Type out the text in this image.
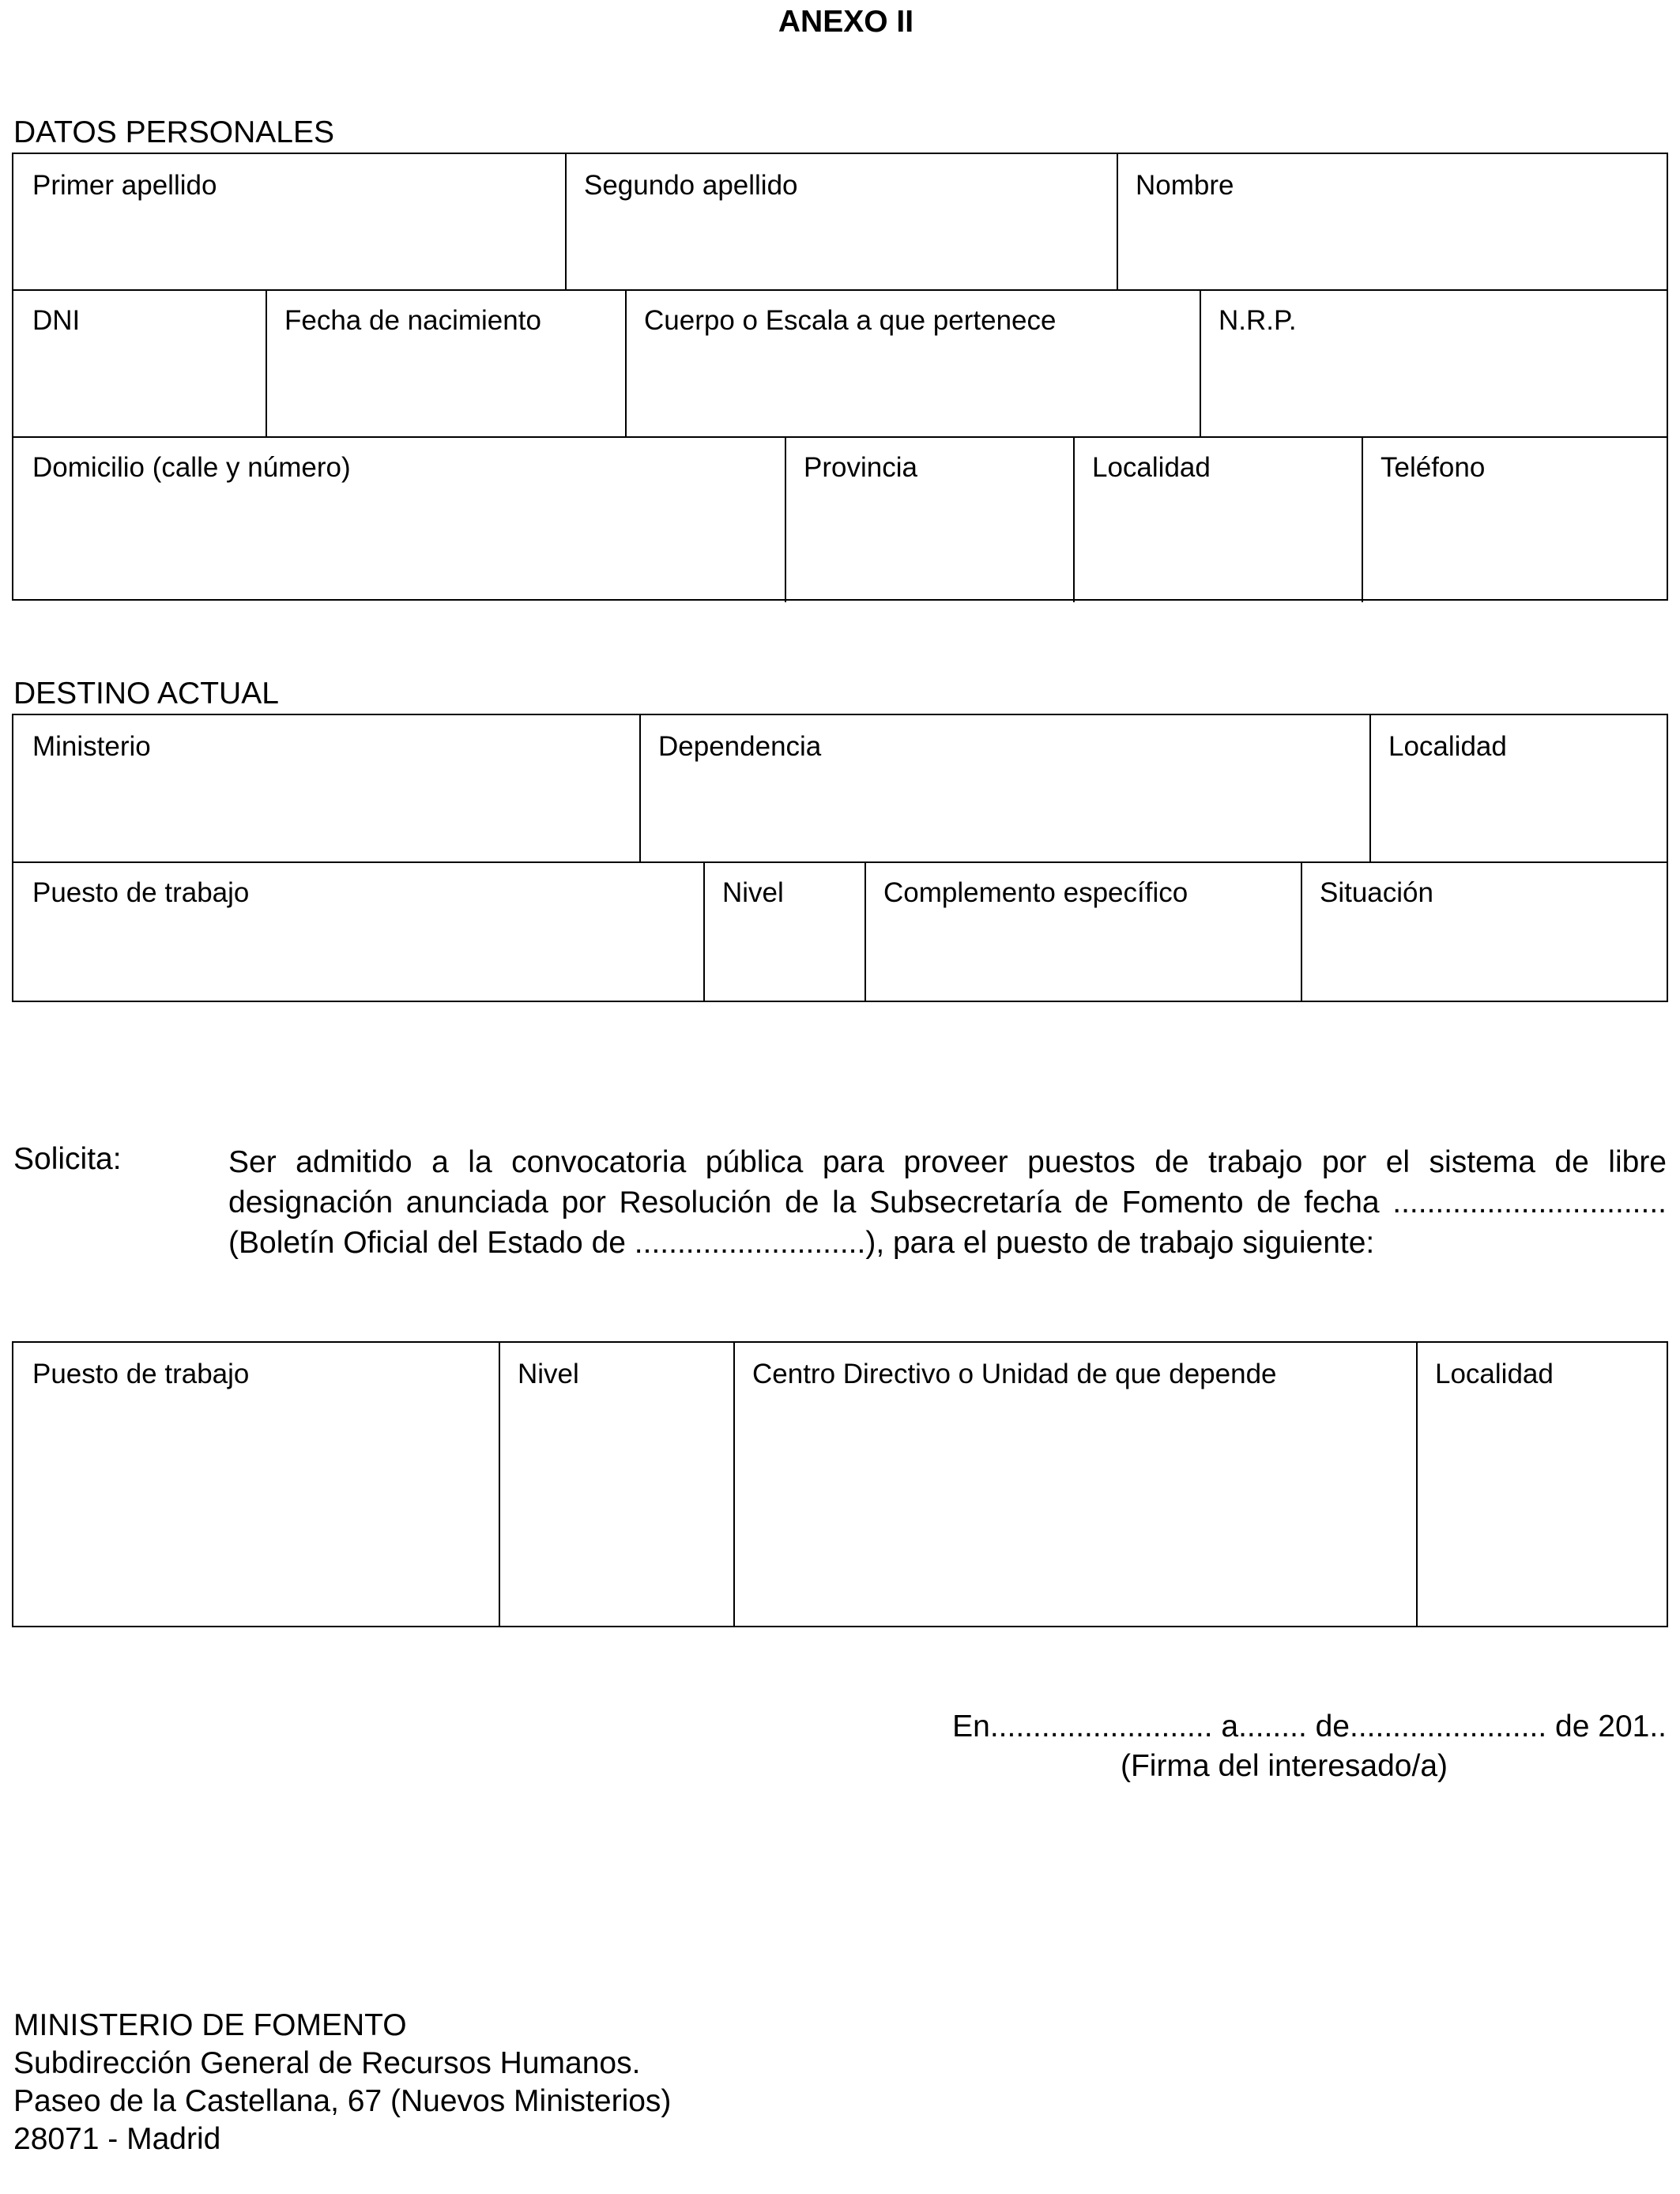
ANEXO II
DATOS PERSONALES
Primer apellido	Segundo apellido	Nombre
DNI	Fecha de nacimiento	Cuerpo o Escala a que pertenece	N.R.P.
Domicilio (calle y número)	Provincia	Localidad	Teléfono
DESTINO ACTUAL
Ministerio	Dependencia	Localidad
Puesto de trabajo	Nivel	Complemento específico	Situación
Solicita:	Ser admitido a la convocatoria pública para proveer puestos de trabajo por el sistema de libre designación anunciada por Resolución de la Subsecretaría de Fomento de fecha ................................ (Boletín Oficial del Estado de ...........................), para el puesto de trabajo siguiente:
Puesto de trabajo	Nivel	Centro Directivo o Unidad de que depende	Localidad
En.......................... a........ de....................... de 201..
(Firma del interesado/a)
MINISTERIO DE FOMENTO
Subdirección General de Recursos Humanos.
Paseo de la Castellana, 67 (Nuevos Ministerios)
28071 - Madrid
